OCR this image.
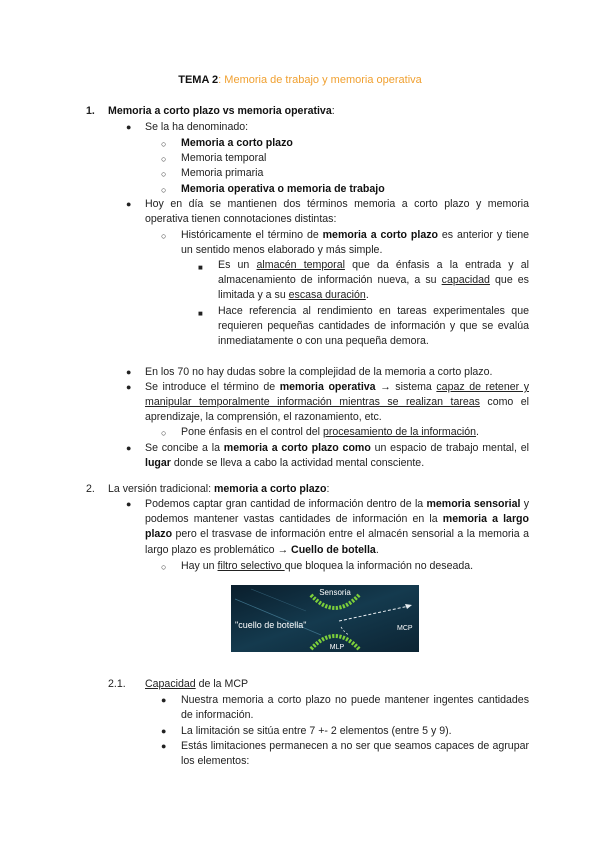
TEMA 2: Memoria de trabajo y memoria operativa
1. Memoria a corto plazo vs memoria operativa:
● Se la ha denominado:
○ Memoria a corto plazo
○ Memoria temporal
○ Memoria primaria
○ Memoria operativa o memoria de trabajo
● Hoy en día se mantienen dos términos memoria a corto plazo y memoria operativa tienen connotaciones distintas:
○ Históricamente el término de memoria a corto plazo es anterior y tiene un sentido menos elaborado y más simple.
■ Es un almacén temporal que da énfasis a la entrada y al almacenamiento de información nueva, a su capacidad que es limitada y a su escasa duración.
■ Hace referencia al rendimiento en tareas experimentales que requieren pequeñas cantidades de información y que se evalúa inmediatamente o con una pequeña demora.
● En los 70 no hay dudas sobre la complejidad de la memoria a corto plazo.
● Se introduce el término de memoria operativa → sistema capaz de retener y manipular temporalmente información mientras se realizan tareas como el aprendizaje, la comprensión, el razonamiento, etc.
○ Pone énfasis en el control del procesamiento de la información.
● Se concibe a la memoria a corto plazo como un espacio de trabajo mental, el lugar donde se lleva a cabo la actividad mental consciente.
2. La versión tradicional: memoria a corto plazo:
● Podemos captar gran cantidad de información dentro de la memoria sensorial y podemos mantener vastas cantidades de información en la memoria a largo plazo pero el trasvase de información entre el almacén sensorial a la memoria a largo plazo es problemático → Cuello de botella.
○ Hay un filtro selectivo que bloquea la información no deseada.
Sensoria
"cuello de botella"	MCP
MLP
2.1. Capacidad de la MCP
● Nuestra memoria a corto plazo no puede mantener ingentes cantidades de información.
● La limitación se sitúa entre 7 +- 2 elementos (entre 5 y 9).
● Estás limitaciones permanecen a no ser que seamos capaces de agrupar los elementos:
